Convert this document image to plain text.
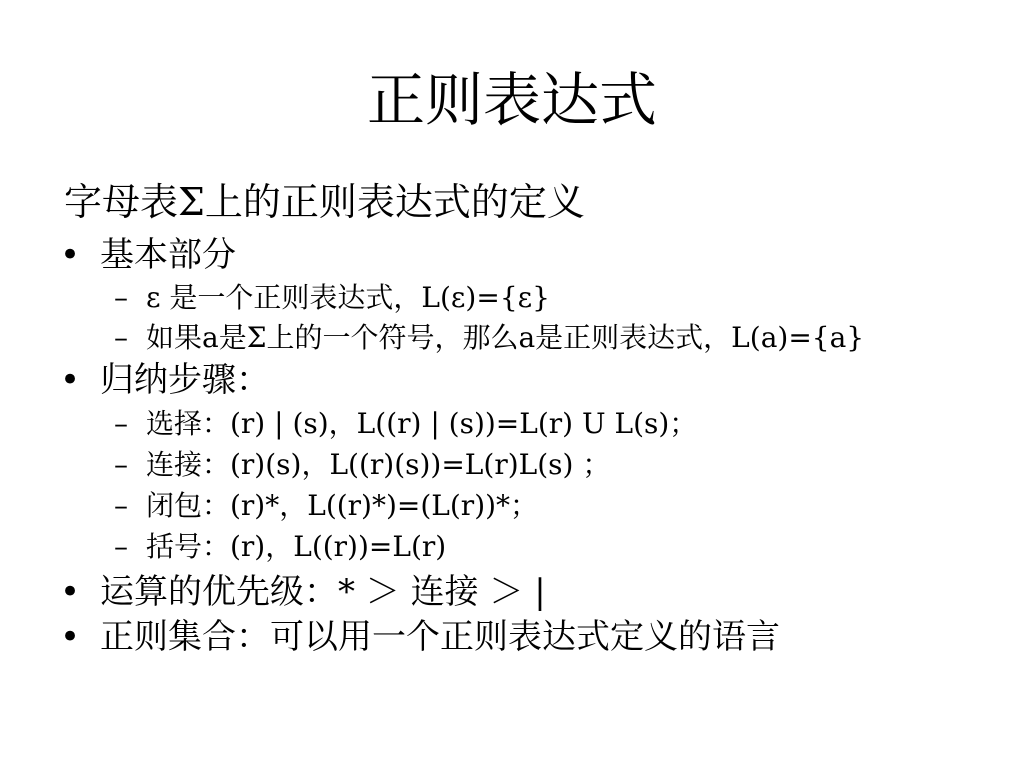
正则表达式
字母表Σ上的正则表达式的定义
• 基本部分
– ε 是一个正则表达式，L(ε)={ε}
– 如果a是Σ上的一个符号，那么a是正则表达式，L(a)={a}
• 归纳步骤：
– 选择：(r) | (s)，L((r) | (s))=L(r) U L(s)；
– 连接：(r)(s)，L((r)(s))=L(r)L(s) ；
– 闭包：(r)*，L((r)*)=(L(r))*；
– 括号：(r)，L((r))=L(r)
• 运算的优先级：* ＞ 连接 ＞ |
• 正则集合：可以用一个正则表达式定义的语言
